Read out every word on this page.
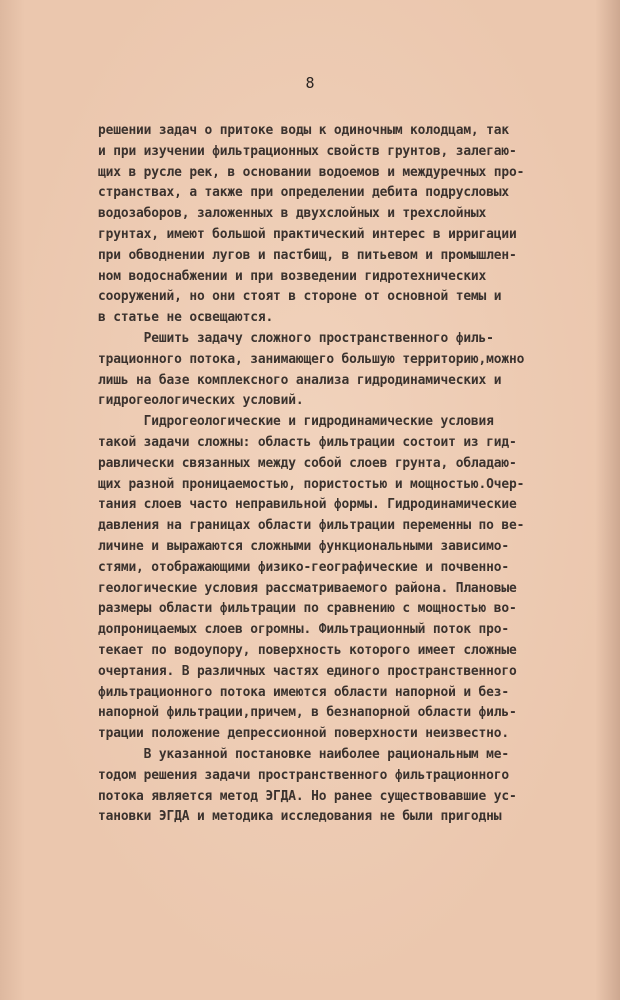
8
решении задач о притоке воды к одиночным колодцам, так
и при изучении фильтрационных свойств грунтов, залегаю-
щих в русле рек, в основании водоемов и междуречных про-
странствах, а также при определении дебита подрусловых
водозаборов, заложенных в двухслойных и трехслойных
грунтах, имеют большой практический интерес в ирригации
при обводнении лугов и пастбищ, в питьевом и промышлен-
ном водоснабжении и при возведении гидротехнических
сооружений, но они стоят в стороне от основной темы и
в статье не освещаются.
Решить задачу сложного пространственного филь-
трационного потока, занимающего большую территорию,можно
лишь на базе комплексного анализа гидродинамических и
гидрогеологических условий.
Гидрогеологические и гидродинамические условия
такой задачи сложны: область фильтрации состоит из гид-
равлически связанных между собой слоев грунта, обладаю-
щих разной проницаемостью, пористостью и мощностью.Очер-
тания слоев часто неправильной формы. Гидродинамические
давления на границах области фильтрации переменны по ве-
личине и выражаются сложными функциональными зависимо-
стями, отображающими физико-географические и почвенно-
геологические условия рассматриваемого района. Плановые
размеры области фильтрации по сравнению с мощностью во-
допроницаемых слоев огромны. Фильтрационный поток про-
текает по водоупору, поверхность которого имеет сложные
очертания. В различных частях единого пространственного
фильтрационного потока имеются области напорной и без-
напорной фильтрации,причем, в безнапорной области филь-
трации положение депрессионной поверхности неизвестно.
В указанной постановке наиболее рациональным ме-
тодом решения задачи пространственного фильтрационного
потока является метод ЭГДА. Но ранее существовавшие ус-
тановки ЭГДА и методика исследования не были пригодны
